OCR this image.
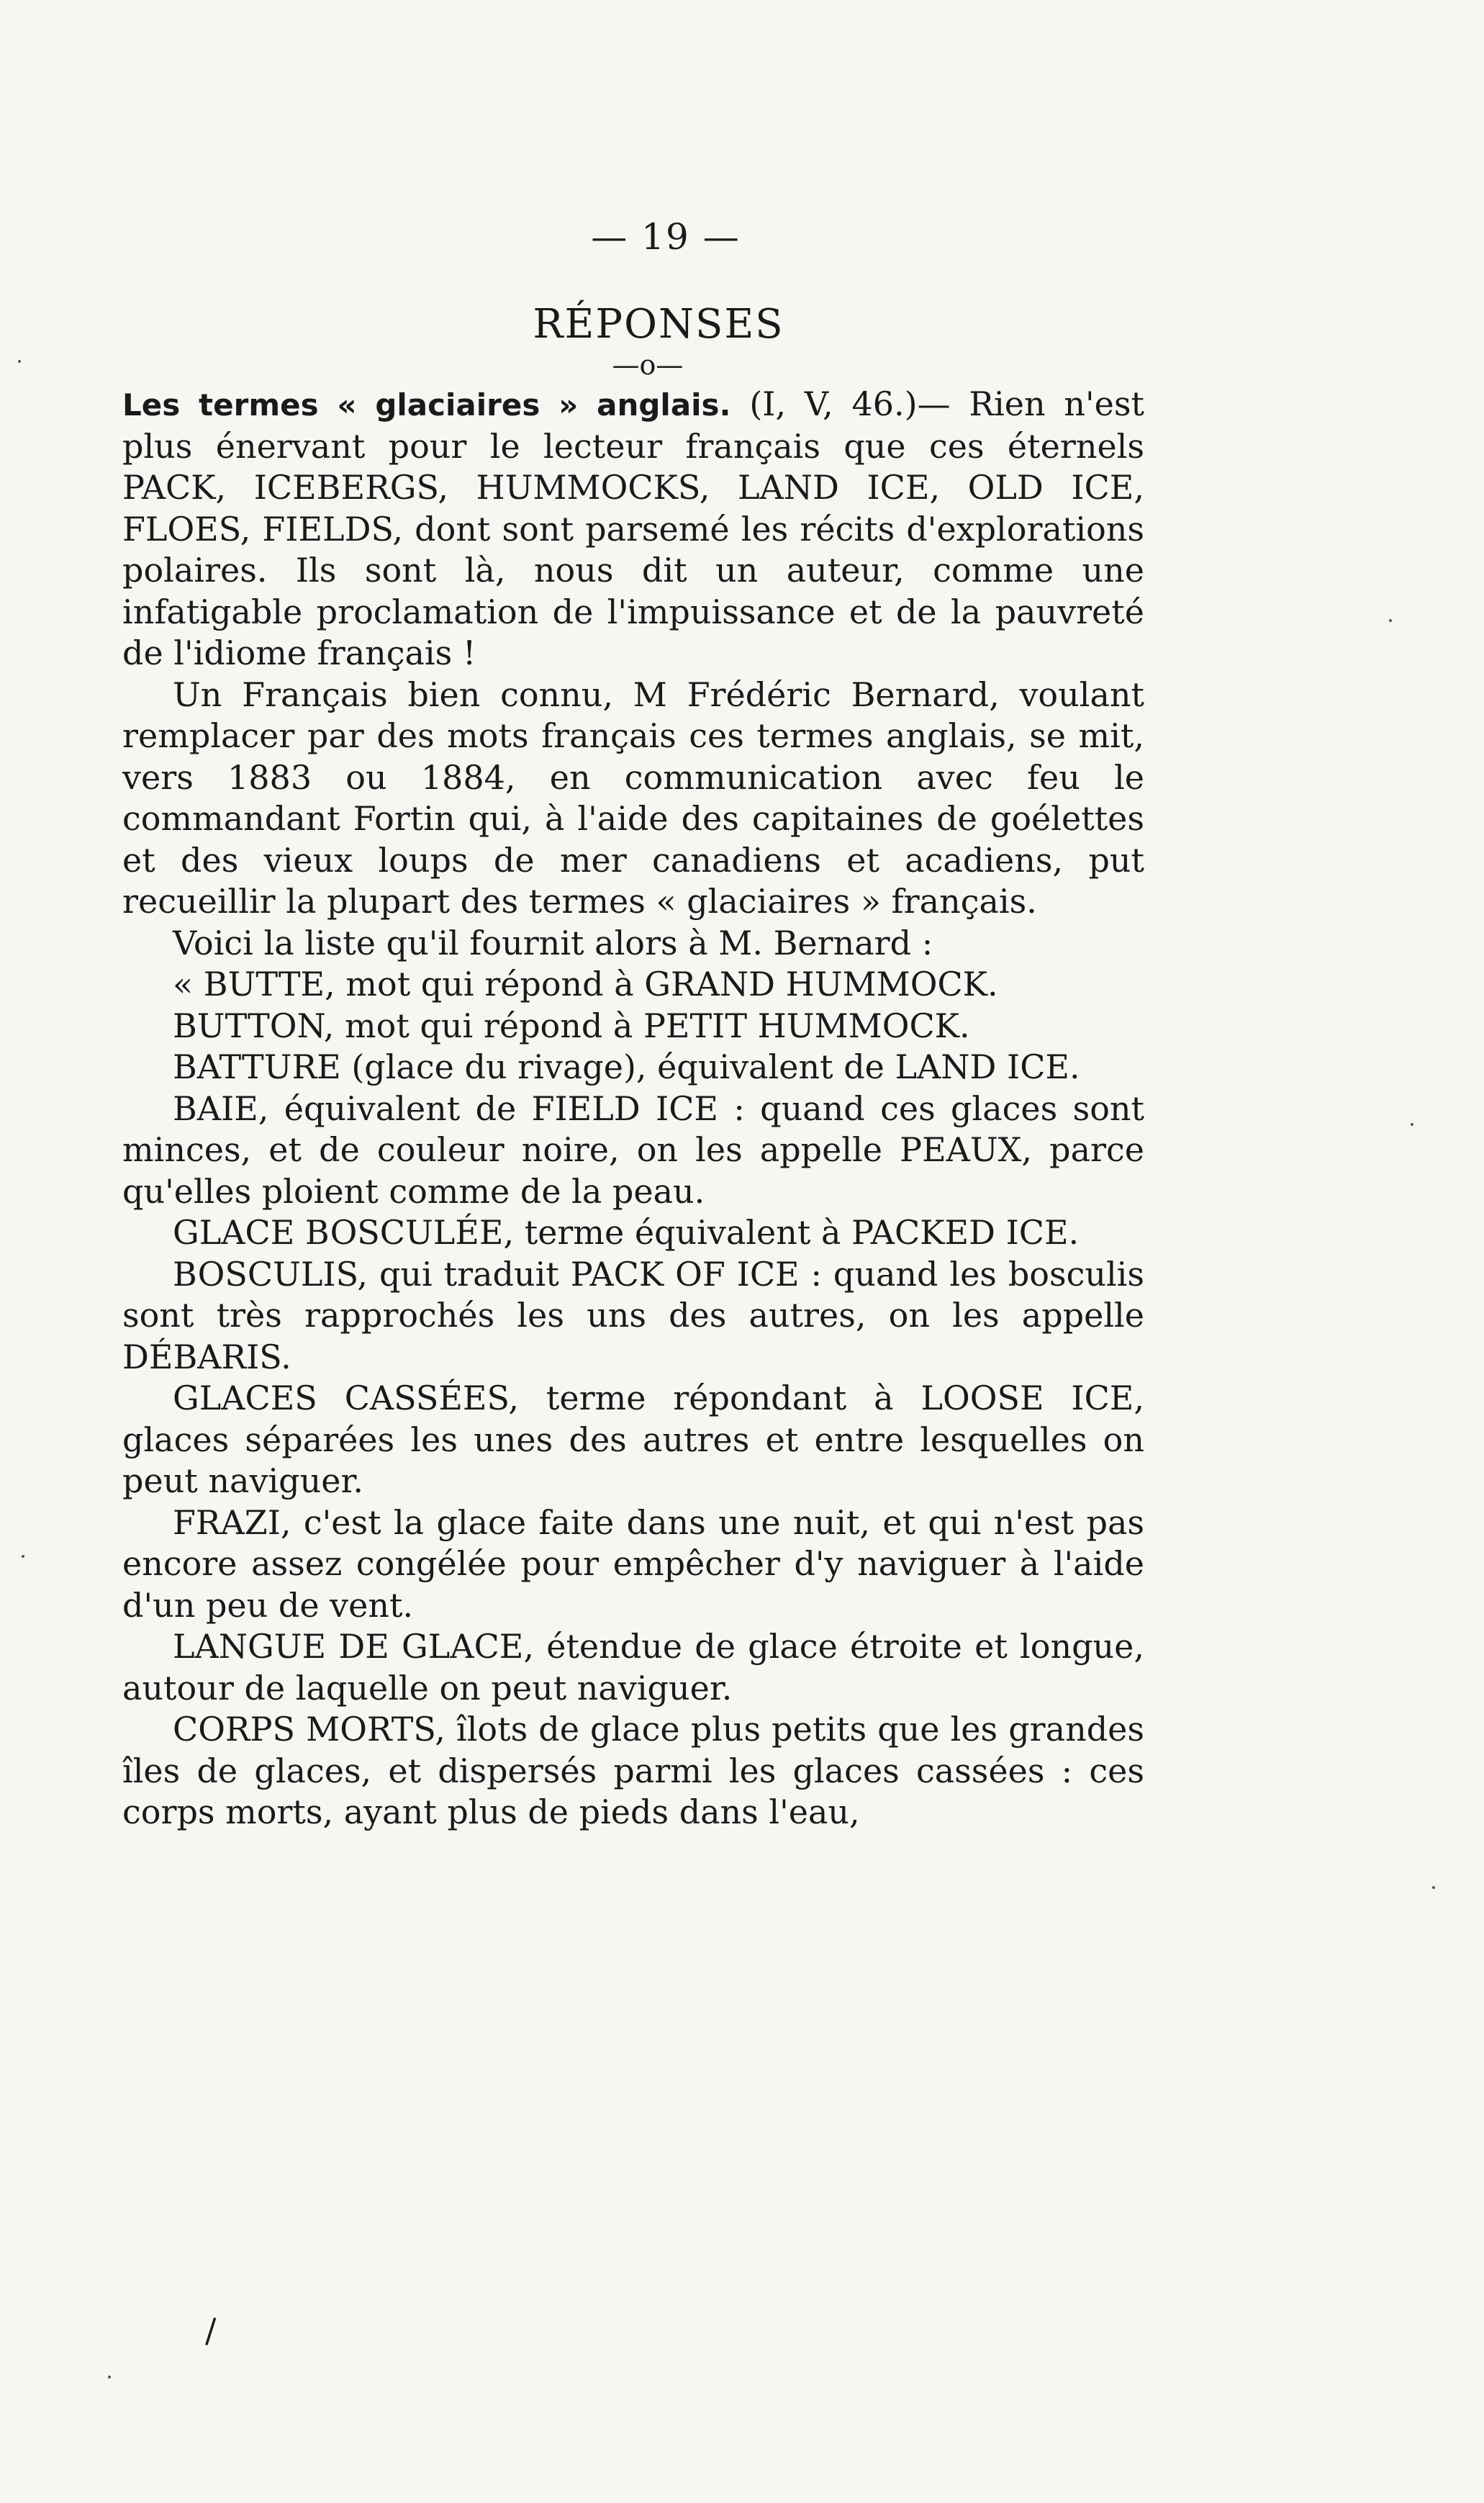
— 19 —
RÉPONSES
—o—

Les termes « glaciaires » anglais. (I, V, 46.)— Rien n'est plus énervant pour le lecteur français que ces éternels PACK, ICEBERGS, HUMMOCKS, LAND ICE, OLD ICE, FLOES, FIELDS, dont sont parsemé les récits d'explorations polaires. Ils sont là, nous dit un auteur, comme une infatigable proclamation de l'impuissance et de la pauvreté de l'idiome français !

Un Français bien connu, M Frédéric Bernard, voulant remplacer par des mots français ces termes anglais, se mit, vers 1883 ou 1884, en communication avec feu le commandant Fortin qui, à l'aide des capitaines de goélettes et des vieux loups de mer canadiens et acadiens, put recueillir la plupart des termes « glaciaires » français.

Voici la liste qu'il fournit alors à M. Bernard :

« BUTTE, mot qui répond à GRAND HUMMOCK.

BUTTON, mot qui répond à PETIT HUMMOCK.

BATTURE (glace du rivage), équivalent de LAND ICE.

BAIE, équivalent de FIELD ICE : quand ces glaces sont minces, et de couleur noire, on les appelle PEAUX, parce qu'elles ploient comme de la peau.

GLACE BOSCULÉE, terme équivalent à PACKED ICE.

BOSCULIS, qui traduit PACK OF ICE : quand les bosculis sont très rapprochés les uns des autres, on les appelle DÉBARIS.

GLACES CASSÉES, terme répondant à LOOSE ICE, glaces séparées les unes des autres et entre lesquelles on peut naviguer.

FRAZI, c'est la glace faite dans une nuit, et qui n'est pas encore assez congélée pour empêcher d'y naviguer à l'aide d'un peu de vent.

LANGUE DE GLACE, étendue de glace étroite et longue, autour de laquelle on peut naviguer.

CORPS MORTS, îlots de glace plus petits que les grandes îles de glaces, et dispersés parmi les glaces cassées : ces corps morts, ayant plus de pieds dans l'eau,

/
